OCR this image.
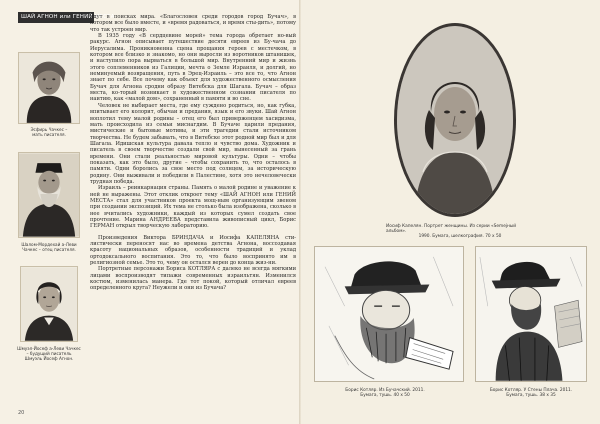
ШАЙ АГНОН или ГЕНИЙ МЕСТА
Эсфирь Чачкес –
мать писателя.
Шалом-Мордехай а-Леви
Чачкес – отец писателя.
Шмуэл-Йосеф а-Леви Чачкес
– будущий писатель
Шмуэль Йосеф Агнон.

идут в поисках мира. «Благословен среди городов город Бучач», в котором все было вместе, и «время радоваться, и время сты-дить», потому что так устроен мир.

В 1935 году «В сердцевине морей» тема города обретает но-вый ракурс. Агнон описывает путешествие десяти евреев из Бу-чача до Иерусалима. Проникновенна сцена прощания героев с местечком, в котором все близко и знакомо, но они выросли из воротников штанишек, и наступило пора вырваться в большой мир. Внутренний мир и жизнь этого соплеменников из Галиции, мечта о Земле Израиля, и долгий, но неминуемый возвращения, путь в Эрец-Израиль – это все то, что Агнон знает по себе. Все почему как объект для художественного осмысления Бучач для Агнона сродни образу Витебска для Шагала. Бучач – образ места, ко-торый возникает в художественном сознании писателя по наитию, как «малой дом», сохраненный в памяти и во сне.

Человек не выбирает места, где ему суждено родиться, но, как губка, впитывает его колорит, обычаи и предания, язык и его звуки. Шай Агнон воплотил тему малой родины – отец его был приверженцем хасидизма, мать происходила из семьи миснагдим. В Бучаче царили предания, мистические и бытовые мотивы, и эти трагедии стали источником творчества. Не будем забывать, что в Витебске этот родной мир был и для Шагала. Идишская культура давала тепло и чувство дома. Художник и писатель в своем творчестве создали свой мир, вынесенный за грань времени. Они стали реальностью мировой культуры. Одни – чтобы показать, как это было, другие – чтобы сохранить то, что осталось в памяти. Одни боролись за свое место под солнцем, за историческую родину. Они выживали и победили в Палестине, хотя это нечеловечески трудная победа.

Израиль – реинкарнация страны. Память о малой родине и уважение к ней не выражены. Этот отклик откроет тему «ШАЙ АГНОН или ГЕНИЙ МЕСТА» стал для участников проекта мощ-ным организующим звеном при создании экспозиций. Их тема не столько была изображена, сколько в нее вчитались художники, каждый из которых сумел создать свое прочтение. Марина АНДРЕЕВА представила живописный цикл, Борис ГЕРМАН открыл творческую лабораторию.

Произведения Виктора БРИНДАЧА и Иосифа КАПЕЛЯНА сти-листически переносят нас во времена детства Агнона, воссоздавая красоту национальных образов, особенности традиций и уклад ортодоксального воспитания. Это то, что было воспринято им в религиозной семье. Это то, чему он остался верен до конца жиз-ни.

Портретные персонажи Бориса КОТЛЯРА с далеко не всегда мягкими лицами воспроизводят типажи современных израильтян. Изменился костюм, изменилась манера. Где тот покой, который отличал евреев определенного круга? Неужели и они из Бучача?

20
Иосиф Капелян. Портрет женщины. Из серии «Semejный альбом».
1990. Бумага, шелкография. 70 х 50
Борис Котляр. Из Бучачский. 2011.
Бумага, тушь. 40 х 50
Борис Котляр. У Стены Плача. 2011.
Бумага, тушь. 38 х 35
